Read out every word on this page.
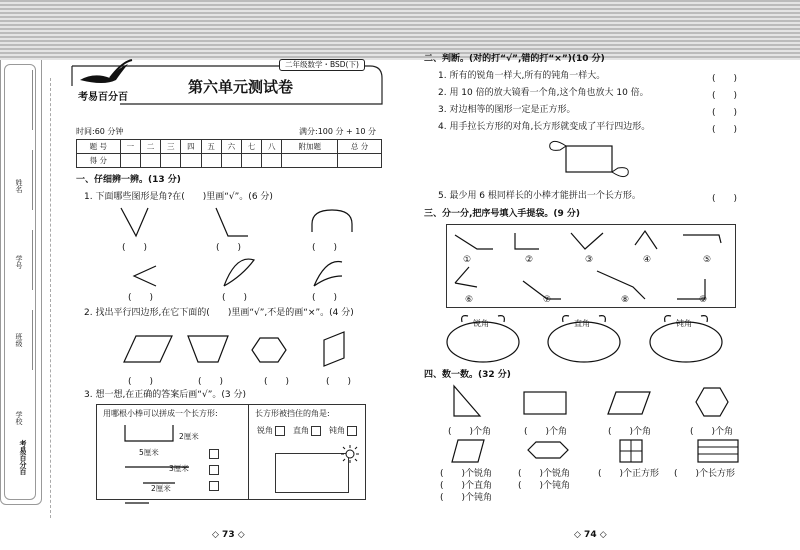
姓名
学号
班级
学校
考易百分百
二年级数学・BSD(下)
考易百分百
第六单元测试卷
时间:60 分钟	满分:100 分 + 10 分
题 号	一	二	三	四	五	六	七	八	附加题	总 分
得 分										
一、仔细辨一辨。(13 分)
1. 下面哪些图形是角?在(　　)里画“√”。(6 分)
(　　)	(　　)	(　　)
(　　)	(　　)	(　　)
2. 找出平行四边形,在它下面的(　　)里画“√”,不是的画“×”。(4 分)
(　　)	(　　)	(　　)	(　　)
3. 想一想,在正确的答案后画“√”。(3 分)
用哪根小棒可以拼成一个长方形:	长方形被挡住的角是:
2厘米
5厘米
3厘米
2厘米
锐角	直角	钝角
◇ 73 ◇
二、判断。(对的打“√”,错的打“×”)(10 分)
1. 所有的锐角一样大,所有的钝角一样大。	(　　)
2. 用 10 倍的放大镜看一个角,这个角也放大 10 倍。	(　　)
3. 对边相等的图形一定是正方形。	(　　)
4. 用手拉长方形的对角,长方形就变成了平行四边形。	(　　)
5. 最少用 6 根同样长的小棒才能拼出一个长方形。	(　　)
三、分一分,把序号填入手提袋。(9 分)
①	②	③	④	⑤
⑥	⑦	⑧	⑨
锐角	直角	钝角
四、数一数。(32 分)
(　　)个角	(　　)个角	(　　)个角	(　　)个角
(　　)个锐角
(　　)个直角
(　　)个钝角
(　　)个锐角
(　　)个钝角
(　　)个正方形 (　　)个长方形
◇ 74 ◇
